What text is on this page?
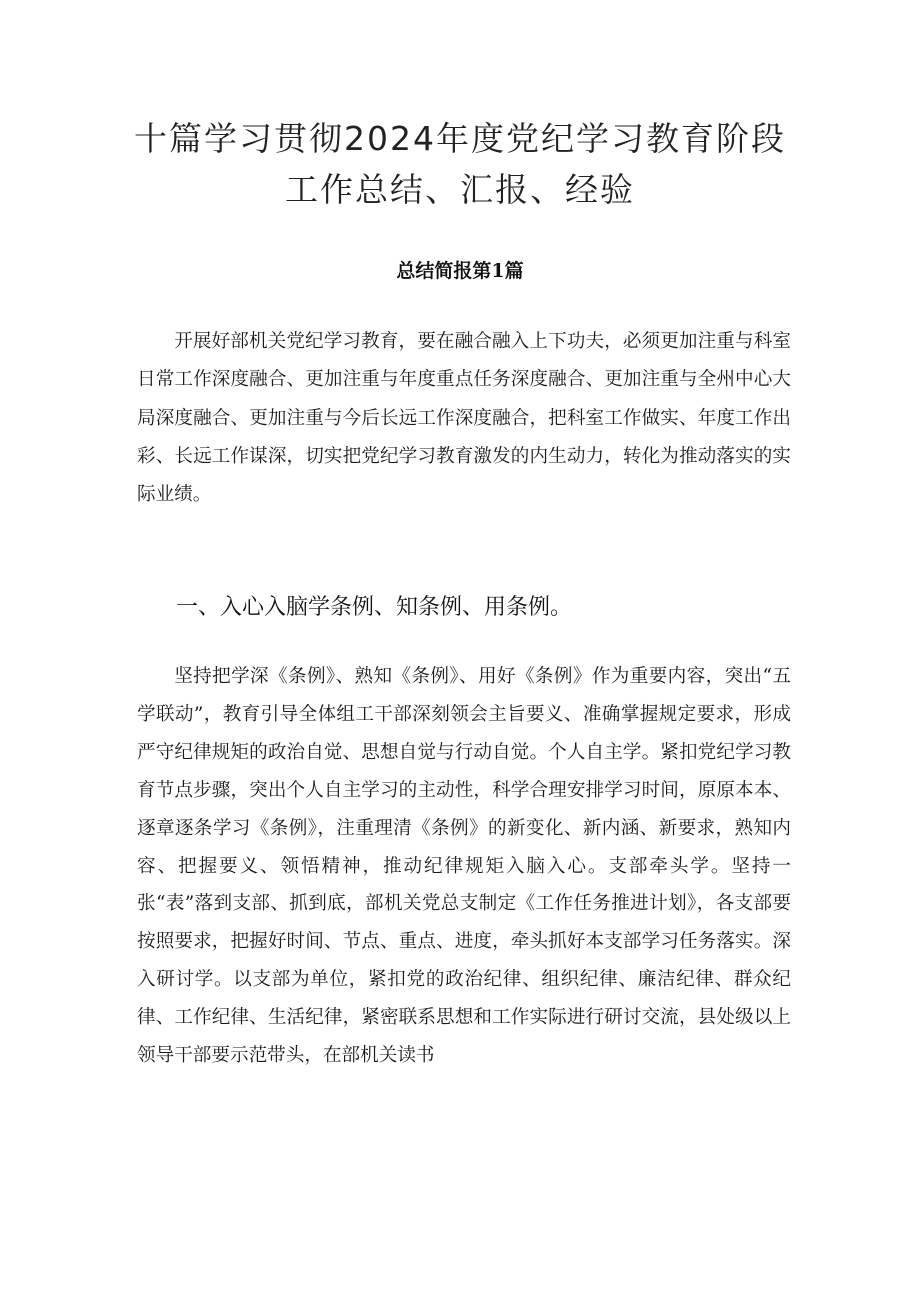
十篇学习贯彻2024年度党纪学习教育阶段
工作总结、汇报、经验
总结简报第1篇
开展好部机关党纪学习教育，要在融合融入上下功夫，必须更加注重与科室日常工作深度融合、更加注重与年度重点任务深度融合、更加注重与全州中心大局深度融合、更加注重与今后长远工作深度融合，把科室工作做实、年度工作出彩、长远工作谋深，切实把党纪学习教育激发的内生动力，转化为推动落实的实际业绩。
一、入心入脑学条例、知条例、用条例。
坚持把学深《条例》、熟知《条例》、用好《条例》作为重要内容，突出“五学联动”，教育引导全体组工干部深刻领会主旨要义、准确掌握规定要求，形成严守纪律规矩的政治自觉、思想自觉与行动自觉。个人自主学。紧扣党纪学习教育节点步骤，突出个人自主学习的主动性，科学合理安排学习时间，原原本本、逐章逐条学习《条例》，注重理清《条例》的新变化、新内涵、新要求，熟知内容、把握要义、领悟精神，推动纪律规矩入脑入心。支部牵头学。坚持一张“表”落到支部、抓到底，部机关党总支制定《工作任务推进计划》，各支部要按照要求，把握好时间、节点、重点、进度，牵头抓好本支部学习任务落实。深入研讨学。以支部为单位，紧扣党的政治纪律、组织纪律、廉洁纪律、群众纪律、工作纪律、生活纪律，紧密联系思想和工作实际进行研讨交流，县处级以上领导干部要示范带头，在部机关读书
